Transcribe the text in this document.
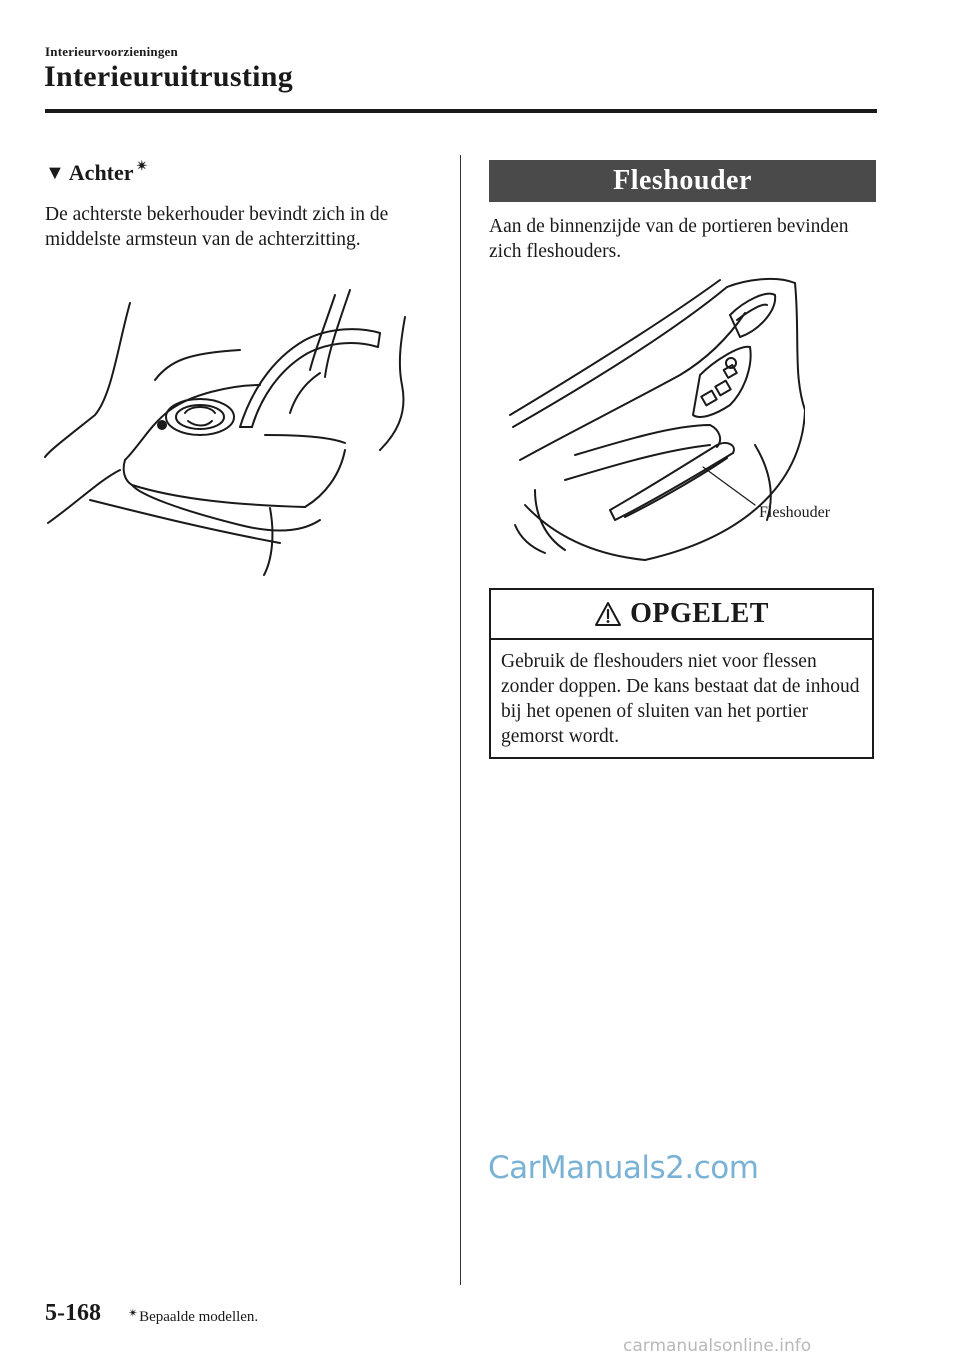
Interieurvoorzieningen
Interieuruitrusting
▼ Achter ✴
De achterste bekerhouder bevindt zich in de middelste armsteun van de achterzitting.
Fleshouder
Aan de binnenzijde van de portieren bevinden zich fleshouders.
Fleshouder
OPGELET
Gebruik de fleshouders niet voor flessen zonder doppen. De kans bestaat dat de inhoud bij het openen of sluiten van het portier gemorst wordt.
CarManuals2.com
5-168 ✴Bepaalde modellen.
carmanualsonline.info
